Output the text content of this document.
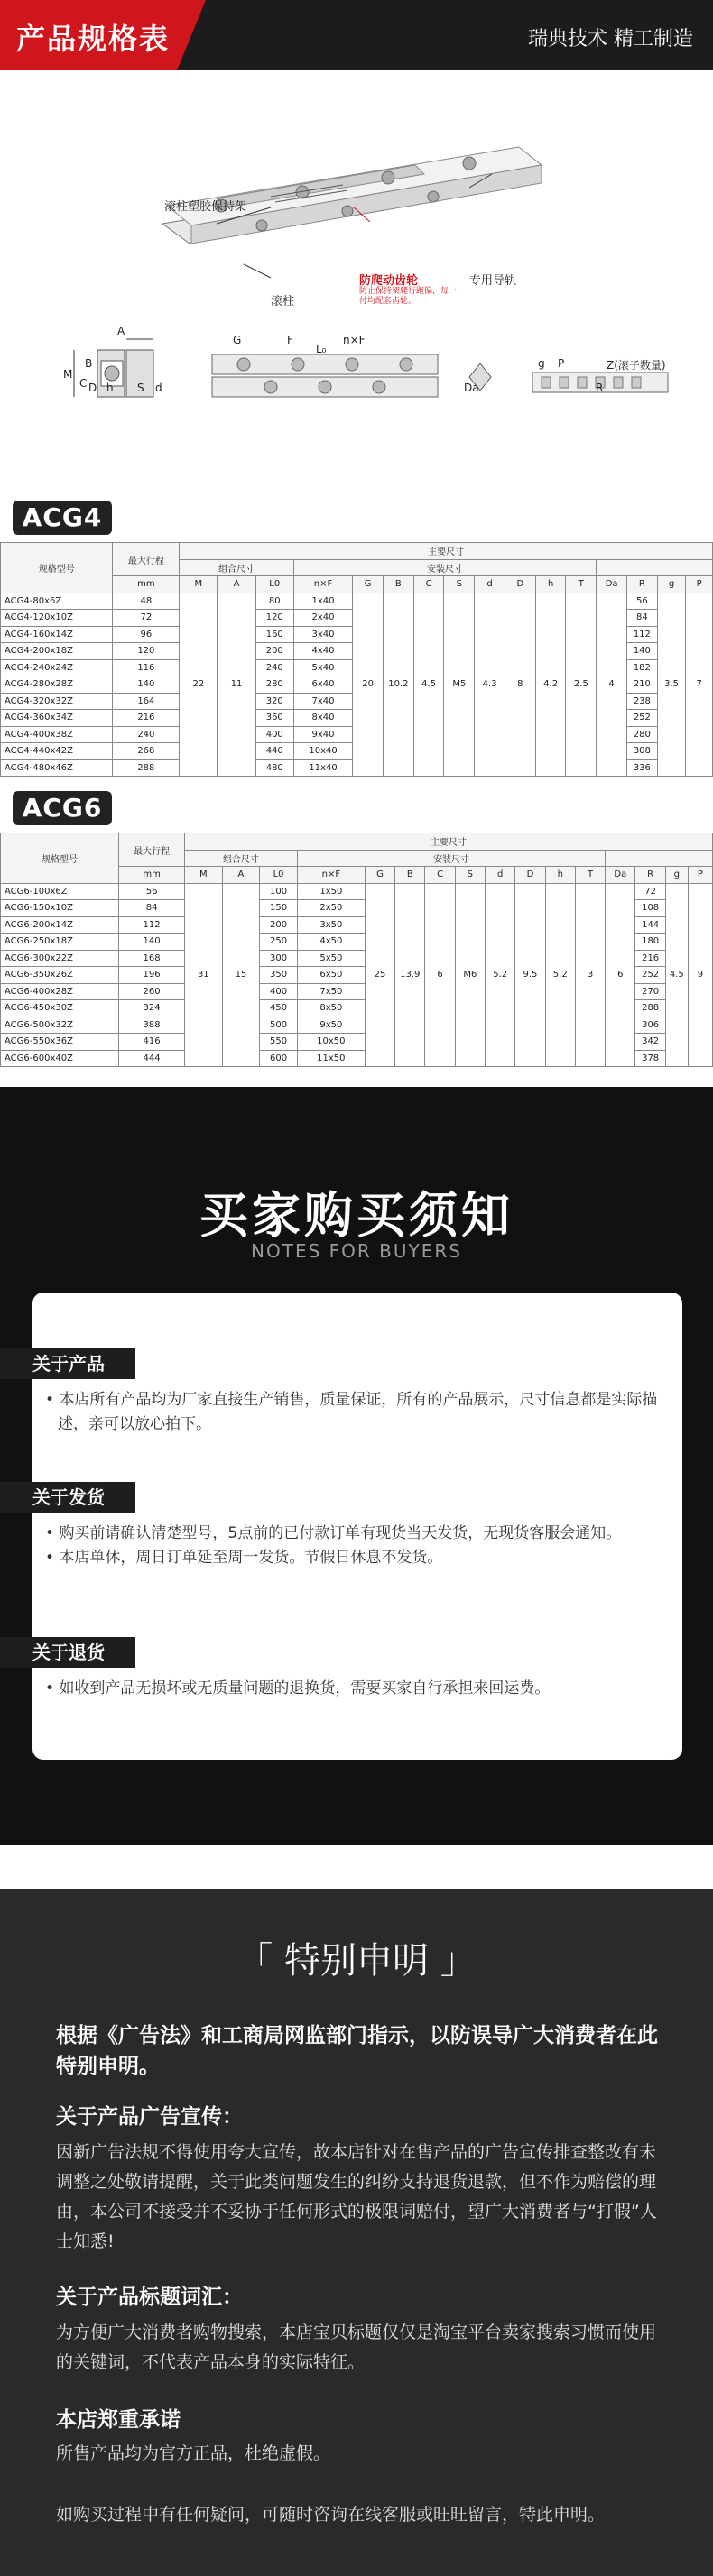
产品规格表	瑞典技术 精工制造
滚柱塑胶保持架
滚柱
专用导轨
防爬动齿轮
防止保持架爬行跑偏，每一付均配套齿轮。
A
M
B
C D	d
h S
G	F	n×F
L₀
g P	Z(滚子数量)
R
Da
ACG4
规格型号	最大行程	主要尺寸															
		组合尺寸			安装尺寸												
	mm	M	A	L0	n×F	G	B	C	S	d	D	h	T	Da	R	g	P
ACG4-80x6Z	48	22	11	80	1x40	20	10.2	4.5	M5	4.3	8	4.2	2.5	4	56	3.5	7
ACG4-120x10Z	72			120	2x40										84		
ACG4-160x14Z	96			160	3x40										112		
ACG4-200x18Z	120			200	4x40										140		
ACG4-240x24Z	116			240	5x40										182		
ACG4-280x28Z	140			280	6x40										210		
ACG4-320x32Z	164			320	7x40										238		
ACG4-360x34Z	216			360	8x40										252		
ACG4-400x38Z	240			400	9x40										280		
ACG4-440x42Z	268			440	10x40										308		
ACG4-480x46Z	288			480	11x40										336		
ACG6
规格型号	最大行程	主要尺寸															
		组合尺寸			安装尺寸												
	mm	M	A	L0	n×F	G	B	C	S	d	D	h	T	Da	R	g	P
ACG6-100x6Z	56	31	15	100	1x50	25	13.9	6	M6	5.2	9.5	5.2	3	6	72	4.5	9
ACG6-150x10Z	84			150	2x50										108		
ACG6-200x14Z	112			200	3x50										144		
ACG6-250x18Z	140			250	4x50										180		
ACG6-300x22Z	168			300	5x50										216		
ACG6-350x26Z	196			350	6x50										252		
ACG6-400x28Z	260			400	7x50										270		
ACG6-450x30Z	324			450	8x50										288		
ACG6-500x32Z	388			500	9x50										306		
ACG6-550x36Z	416			550	10x50										342		
ACG6-600x40Z	444			600	11x50										378		
买家购买须知
NOTES FOR BUYERS
关于产品

• 本店所有产品均为厂家直接生产销售，质量保证，所有的产品展示，尺寸信息都是实际描述，亲可以放心拍下。

关于发货

• 购买前请确认清楚型号，5点前的已付款订单有现货当天发货，无现货客服会通知。

• 本店单休，周日订单延至周一发货。节假日休息不发货。

关于退货

• 如收到产品无损坏或无质量问题的退换货，需要买家自行承担来回运费。

「 特别申明 」
根据《广告法》和工商局网监部门指示，以防误导广大消费者在此特别申明。
关于产品广告宣传：
因新广告法规不得使用夸大宣传，故本店针对在售产品的广告宣传排查整改有未调整之处敬请提醒，关于此类问题发生的纠纷支持退货退款，但不作为赔偿的理由，本公司不接受并不妥协于任何形式的极限词赔付，望广大消费者与“打假”人士知悉!
关于产品标题词汇：
为方便广大消费者购物搜索，本店宝贝标题仅仅是淘宝平台卖家搜索习惯而使用的关键词，不代表产品本身的实际特征。
本店郑重承诺
所售产品均为官方正品，杜绝虚假。
如购买过程中有任何疑问，可随时咨询在线客服或旺旺留言，特此申明。
